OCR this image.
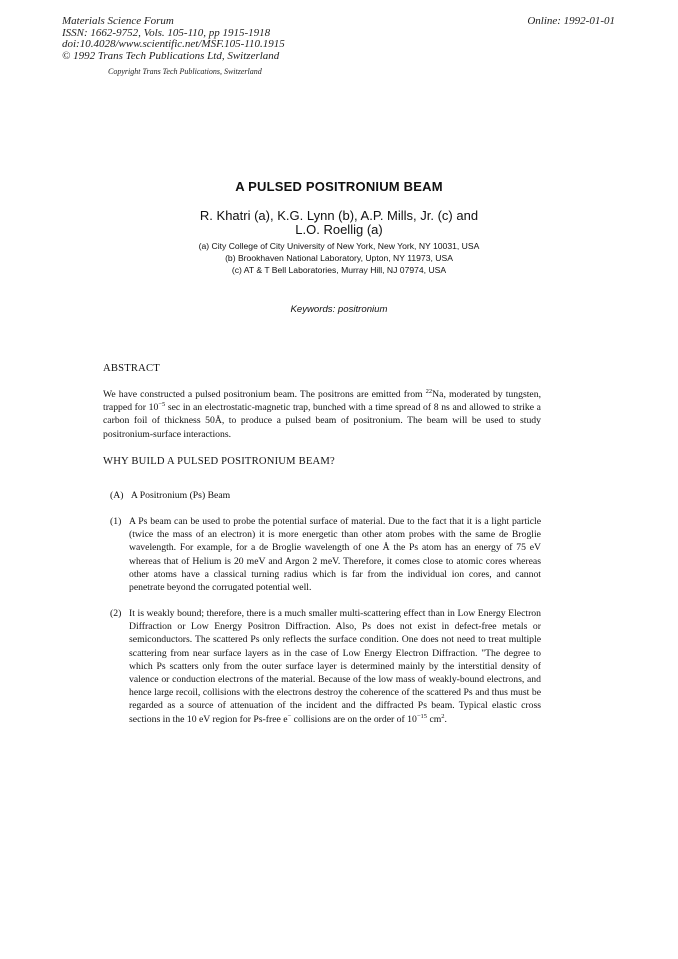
Materials Science Forum
ISSN: 1662-9752, Vols. 105-110, pp 1915-1918
doi:10.4028/www.scientific.net/MSF.105-110.1915
© 1992 Trans Tech Publications Ltd, Switzerland
Online: 1992-01-01
Copyright Trans Tech Publications, Switzerland
A PULSED POSITRONIUM BEAM
R. Khatri (a), K.G. Lynn (b), A.P. Mills, Jr. (c) and
L.O. Roellig (a)
(a) City College of City University of New York, New York, NY 10031, USA
(b) Brookhaven National Laboratory, Upton, NY 11973, USA
(c) AT & T Bell Laboratories, Murray Hill, NJ 07974, USA
Keywords: positronium
ABSTRACT
We have constructed a pulsed positronium beam. The positrons are emitted from $^{22}$Na, moderated by tungsten, trapped for $10^{-5}$ sec in an electrostatic-magnetic trap, bunched with a time spread of 8 ns and allowed to strike a carbon foil of thickness 50Å, to produce a pulsed beam of positronium. The beam will be used to study positronium-surface interactions.
WHY BUILD A PULSED POSITRONIUM BEAM?
(A) A Positronium (Ps) Beam
(1) A Ps beam can be used to probe the potential surface of material. Due to the fact that it is a light particle (twice the mass of an electron) it is more energetic than other atom probes with the same de Broglie wavelength. For example, for a de Broglie wavelength of one Å the Ps atom has an energy of 75 eV whereas that of Helium is 20 meV and Argon 2 meV. Therefore, it comes close to atomic cores whereas other atoms have a classical turning radius which is far from the individual ion cores, and cannot penetrate beyond the corrugated potential well.
(2) It is weakly bound; therefore, there is a much smaller multi-scattering effect than in Low Energy Electron Diffraction or Low Energy Positron Diffraction. Also, Ps does not exist in defect-free metals or semiconductors. The scattered Ps only reflects the surface condition. One does not need to treat multiple scattering from near surface layers as in the case of Low Energy Electron Diffraction. "The degree to which Ps scatters only from the outer surface layer is determined mainly by the interstitial density of valence or conduction electrons of the material. Because of the low mass of weakly-bound electrons, and hence large recoil, collisions with the electrons destroy the coherence of the scattered Ps and thus must be regarded as a source of attenuation of the incident and the diffracted Ps beam. Typical elastic cross sections in the 10 eV region for Ps-free e− collisions are on the order of $10^{-15}$ $cm^2$.
